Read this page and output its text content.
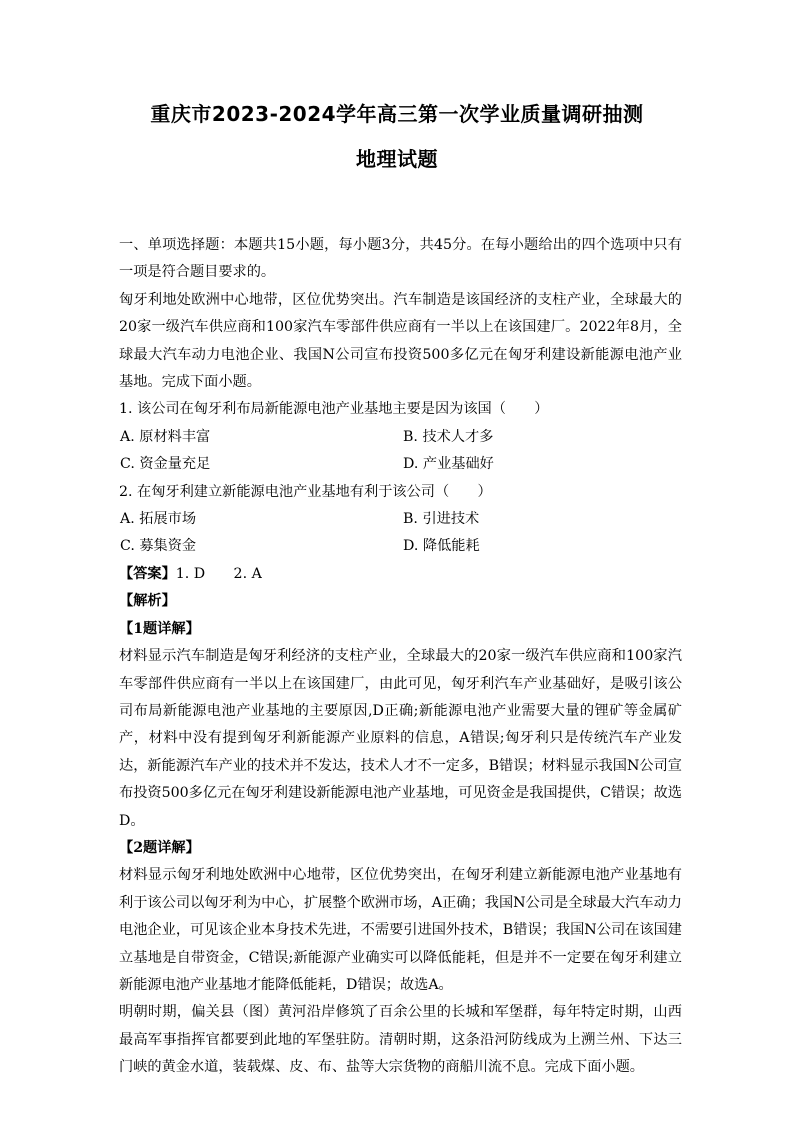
重庆市2023-2024学年高三第一次学业质量调研抽测
地理试题

一、单项选择题：本题共15小题，每小题3分，共45分。在每小题给出的四个选项中只有一项是符合题目要求的。

匈牙利地处欧洲中心地带，区位优势突出。汽车制造是该国经济的支柱产业，全球最大的20家一级汽车供应商和100家汽车零部件供应商有一半以上在该国建厂。2022年8月，全球最大汽车动力电池企业、我国N公司宣布投资500多亿元在匈牙利建设新能源电池产业基地。完成下面小题。

1. 该公司在匈牙利布局新能源电池产业基地主要是因为该国（　　）

A. 原材料丰富	B. 技术人才多
C. 资金量充足	D. 产业基础好

2. 在匈牙利建立新能源电池产业基地有利于该公司（　　）

A. 拓展市场	B. 引进技术
C. 募集资金	D. 降低能耗

【答案】1. D　　2. A

【解析】

【1题详解】

材料显示汽车制造是匈牙利经济的支柱产业，全球最大的20家一级汽车供应商和100家汽车零部件供应商有一半以上在该国建厂，由此可见，匈牙利汽车产业基础好，是吸引该公司布局新能源电池产业基地的主要原因,D正确;新能源电池产业需要大量的锂矿等金属矿产，材料中没有提到匈牙利新能源产业原料的信息，A错误;匈牙利只是传统汽车产业发达，新能源汽车产业的技术并不发达，技术人才不一定多，B错误；材料显示我国N公司宣布投资500多亿元在匈牙利建设新能源电池产业基地，可见资金是我国提供，C错误；故选D。

【2题详解】

材料显示匈牙利地处欧洲中心地带，区位优势突出，在匈牙利建立新能源电池产业基地有利于该公司以匈牙利为中心，扩展整个欧洲市场，A正确；我国N公司是全球最大汽车动力电池企业，可见该企业本身技术先进，不需要引进国外技术，B错误；我国N公司在该国建立基地是自带资金，C错误;新能源产业确实可以降低能耗，但是并不一定要在匈牙利建立新能源电池产业基地才能降低能耗，D错误；故选A。

明朝时期，偏关县（图）黄河沿岸修筑了百余公里的长城和军堡群，每年特定时期，山西最高军事指挥官都要到此地的军堡驻防。清朝时期，这条沿河防线成为上溯兰州、下达三门峡的黄金水道，装载煤、皮、布、盐等大宗货物的商船川流不息。完成下面小题。
